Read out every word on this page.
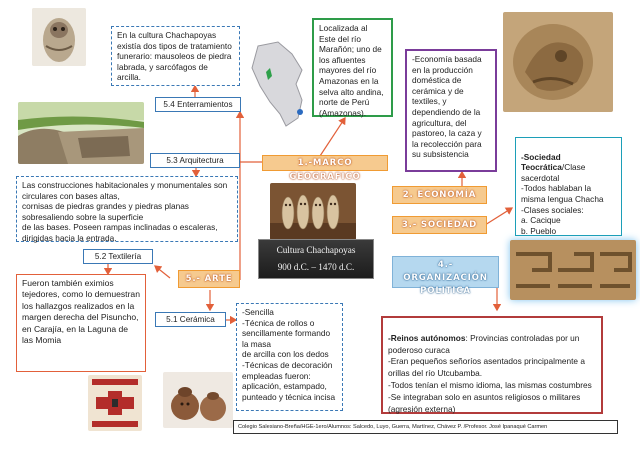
En la cultura Chachapoyas existía dos tipos de tratamiento funerario: mausoleos de piedra labrada, y sarcófagos de arcilla.
5.4 Enterramientos
Localizada al Este del río Marañón; uno de los afluentes mayores del río Amazonas en la selva alto andina, norte de Perú (Amazonas).
-Economía basada en la producción doméstica de cerámica y de textiles, y dependiendo de la agricultura, del pastoreo, la caza y la recolección para su subsistencia	-Sociedad Teocrática/Clase sacerdotal
-Todos hablaban la misma lengua Chacha
-Clases sociales:
a. Cacique
b. Pueblo

5.3 Arquitectura
Las construcciones habitacionales y monumentales son circulares con bases altas,
cornisas de piedras grandes y piedras planas sobresaliendo sobre la superficie
de las bases. Poseen rampas inclinadas o escaleras, dirigidas hacia la entrada.
5.2 Textilería
Fueron también eximios tejedores, como lo demuestran los hallazgos realizados en la margen derecha del Pisuncho, en Carajía, en la Laguna de las Momia
5.1 Cerámica
-Sencilla
-Técnica de rollos o sencillamente formando la masa
de arcilla con los dedos
-Técnicas de decoración empleadas fueron: aplicación, estampado, punteado y técnica incisa

-Reinos autónomos: Provincias controladas por un poderoso curaca
-Eran pequeños señoríos asentados principalmente a orillas del río Utcubamba.
-Todos tenían el mismo idioma, las mismas costumbres
-Se integraban solo en asuntos religiosos o militares (agresión externa)

Cultura Chachapoyas
900 d.C. – 1470 d.C.
1.-MARCO GEOGRAFICO
2. ECONOMÍA
3.- SOCIEDAD
4.-ORGANIZACIÓN POLITICA
5.- ARTE
Colegio Salesiano-Breña/HGE-1ero/Alumnos: Salcedo, Luyo, Guerra, Martínez, Chávez P. /Profesor. José Ipanaqué Carmen
